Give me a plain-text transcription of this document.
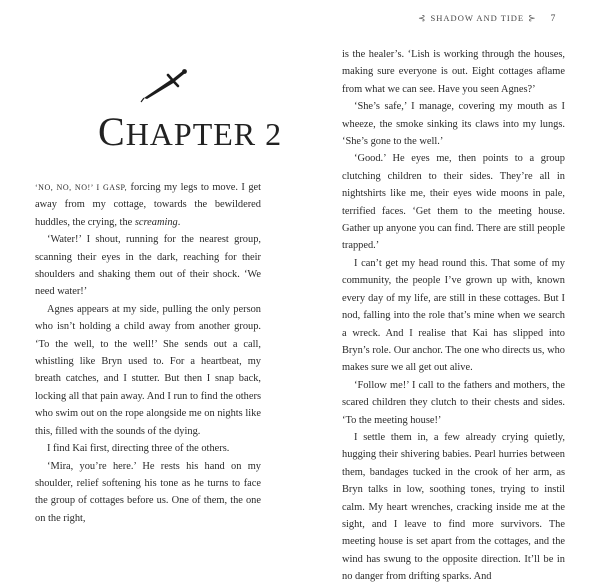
CHAPTER 2

‘NO, NO, NO!’ I GASP, forcing my legs to move. I get away from my cottage, towards the bewildered huddles, the crying, the screaming.

‘Water!’ I shout, running for the nearest group, scanning their eyes in the dark, reaching for their shoulders and shaking them out of their shock. ‘We need water!’

Agnes appears at my side, pulling the only person who isn’t holding a child away from another group. ‘To the well, to the well!’ She sends out a call, whistling like Bryn used to. For a heartbeat, my breath catches, and I stutter. But then I snap back, locking all that pain away. And I run to find the others who swim out on the rope alongside me on nights like this, filled with the sounds of the dying.

I find Kai first, directing three of the others.

‘Mira, you’re here.’ He rests his hand on my shoulder, relief softening his tone as he turns to face the group of cottages before us. One of them, the one on the right,

⊰ SHADOW AND TIDE ⊱ 7

is the healer’s. ‘Lish is working through the houses, making sure everyone is out. Eight cottages aflame from what we can see. Have you seen Agnes?’

‘She’s safe,’ I manage, covering my mouth as I wheeze, the smoke sinking its claws into my lungs. ‘She’s gone to the well.’

‘Good.’ He eyes me, then points to a group clutching children to their sides. They’re all in nightshirts like me, their eyes wide moons in pale, terrified faces. ‘Get them to the meeting house. Gather up anyone you can find. There are still people trapped.’

I can’t get my head round this. That some of my community, the people I’ve grown up with, known every day of my life, are still in these cottages. But I nod, falling into the role that’s mine when we search a wreck. And I realise that Kai has slipped into Bryn’s role. Our anchor. The one who directs us, who makes sure we all get out alive.

‘Follow me!’ I call to the fathers and mothers, the scared children they clutch to their chests and sides. ‘To the meeting house!’

I settle them in, a few already crying quietly, hugging their shivering babies. Pearl hurries between them, bandages tucked in the crook of her arm, as Bryn talks in low, soothing tones, trying to instil calm. My heart wrenches, cracking inside me at the sight, and I leave to find more survivors. The meeting house is set apart from the cottages, and the wind has swung to the opposite direction. It’ll be in no danger from drifting sparks. And
